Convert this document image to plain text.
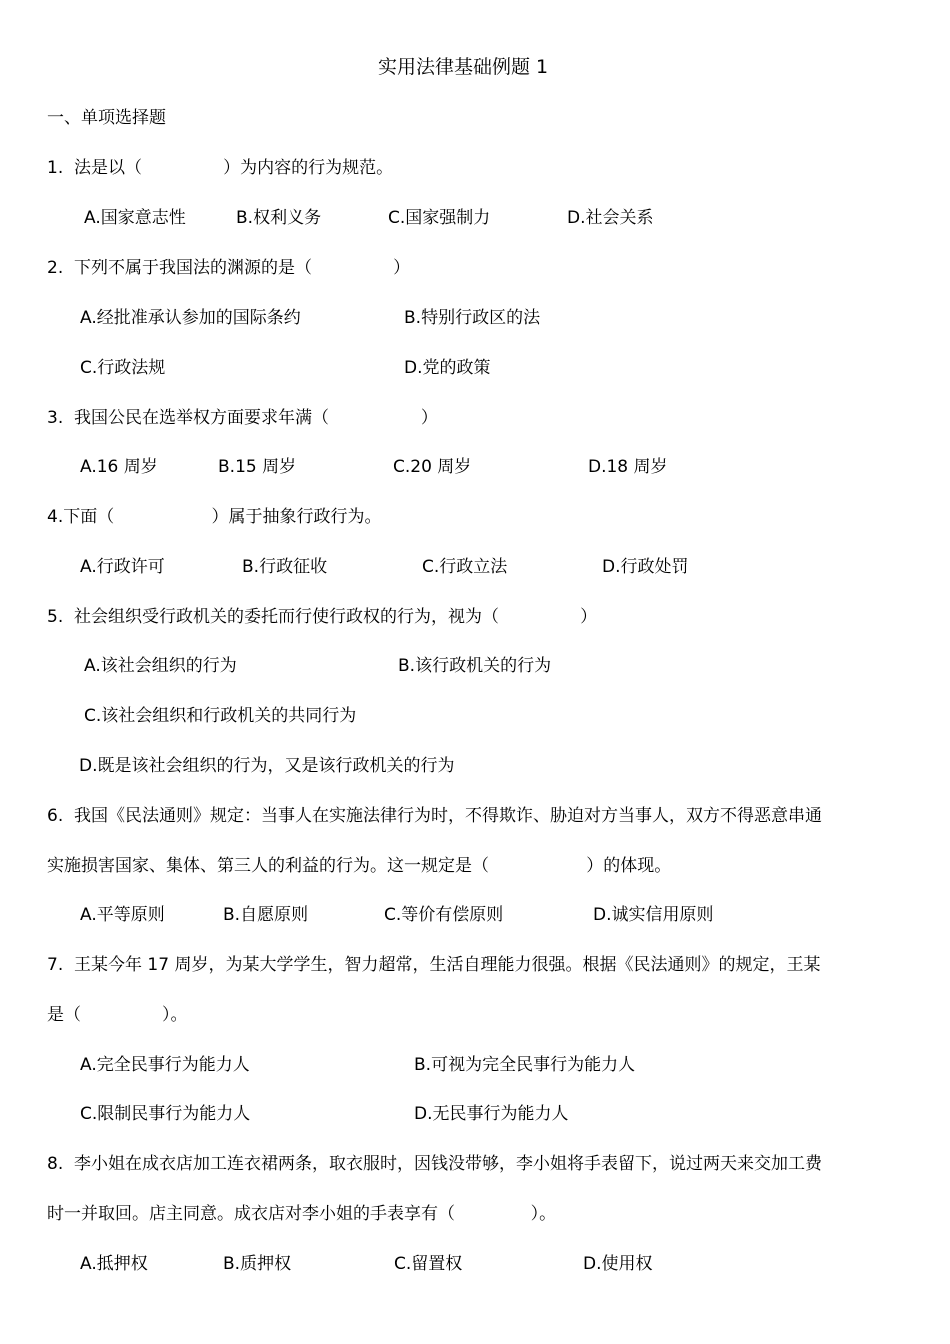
实用法律基础例题 1
一、单项选择题
1.  法是以（               ）为内容的行为规范。
A.国家意志性	B.权利义务	C.国家强制力	D.社会关系
2.  下列不属于我国法的渊源的是（               ）
A.经批准承认参加的国际条约	B.特别行政区的法
C.行政法规	D.党的政策
3.  我国公民在选举权方面要求年满（                 ）
A.16 周岁	B.15 周岁	C.20 周岁	D.18 周岁
4.下面（                  ）属于抽象行政行为。
A.行政许可	B.行政征收	C.行政立法	D.行政处罚
5.  社会组织受行政机关的委托而行使行政权的行为，视为（               ）
A.该社会组织的行为	B.该行政机关的行为
C.该社会组织和行政机关的共同行为
D.既是该社会组织的行为，又是该行政机关的行为
6.  我国《民法通则》规定：当事人在实施法律行为时，不得欺诈、胁迫对方当事人，双方不得恶意串通
实施损害国家、集体、第三人的利益的行为。这一规定是（                  ）的体现。
A.平等原则	B.自愿原则	C.等价有偿原则	D.诚实信用原则
7.  王某今年 17 周岁，为某大学学生，智力超常，生活自理能力很强。根据《民法通则》的规定，王某
是（               ）。
A.完全民事行为能力人	B.可视为完全民事行为能力人
C.限制民事行为能力人	D.无民事行为能力人
8.  李小姐在成衣店加工连衣裙两条，取衣服时，因钱没带够，李小姐将手表留下，说过两天来交加工费
时一并取回。店主同意。成衣店对李小姐的手表享有（              ）。
A.抵押权	B.质押权	C.留置权	D.使用权
